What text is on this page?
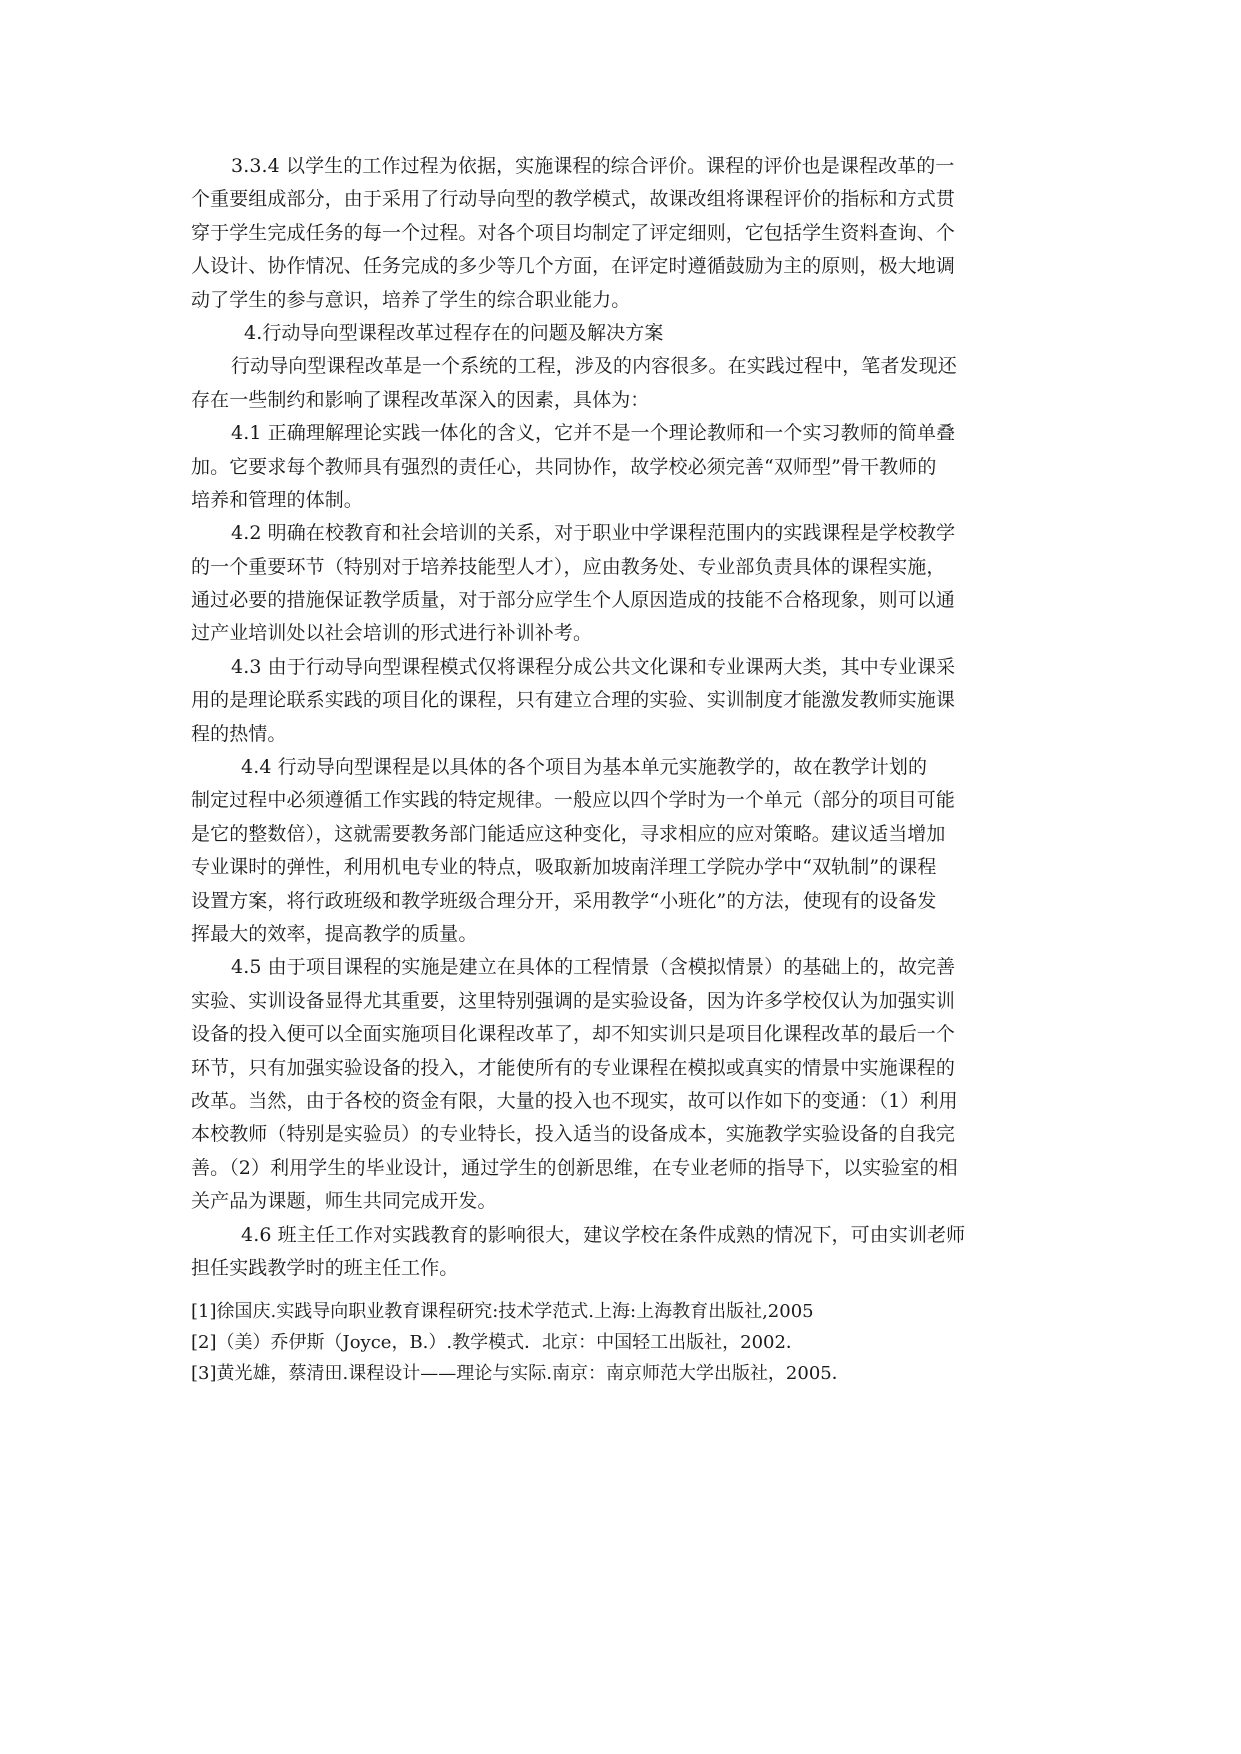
3.3.4 以学生的工作过程为依据，实施课程的综合评价。课程的评价也是课程改革的一
个重要组成部分，由于采用了行动导向型的教学模式，故课改组将课程评价的指标和方式贯
穿于学生完成任务的每一个过程。对各个项目均制定了评定细则，它包括学生资料查询、个
人设计、协作情况、任务完成的多少等几个方面，在评定时遵循鼓励为主的原则，极大地调
动了学生的参与意识，培养了学生的综合职业能力。
4.行动导向型课程改革过程存在的问题及解决方案
行动导向型课程改革是一个系统的工程，涉及的内容很多。在实践过程中，笔者发现还
存在一些制约和影响了课程改革深入的因素，具体为：
4.1 正确理解理论实践一体化的含义，它并不是一个理论教师和一个实习教师的简单叠
加。它要求每个教师具有强烈的责任心，共同协作，故学校必须完善“双师型”骨干教师的
培养和管理的体制。
4.2 明确在校教育和社会培训的关系，对于职业中学课程范围内的实践课程是学校教学
的一个重要环节（特别对于培养技能型人才），应由教务处、专业部负责具体的课程实施，
通过必要的措施保证教学质量，对于部分应学生个人原因造成的技能不合格现象，则可以通
过产业培训处以社会培训的形式进行补训补考。
4.3 由于行动导向型课程模式仅将课程分成公共文化课和专业课两大类，其中专业课采
用的是理论联系实践的项目化的课程，只有建立合理的实验、实训制度才能激发教师实施课
程的热情。
4.4 行动导向型课程是以具体的各个项目为基本单元实施教学的，故在教学计划的
制定过程中必须遵循工作实践的特定规律。一般应以四个学时为一个单元（部分的项目可能
是它的整数倍），这就需要教务部门能适应这种变化，寻求相应的应对策略。建议适当增加
专业课时的弹性，利用机电专业的特点，吸取新加坡南洋理工学院办学中“双轨制”的课程
设置方案，将行政班级和教学班级合理分开，采用教学“小班化”的方法，使现有的设备发
挥最大的效率，提高教学的质量。
4.5 由于项目课程的实施是建立在具体的工程情景（含模拟情景）的基础上的，故完善
实验、实训设备显得尤其重要，这里特别强调的是实验设备，因为许多学校仅认为加强实训
设备的投入便可以全面实施项目化课程改革了，却不知实训只是项目化课程改革的最后一个
环节，只有加强实验设备的投入，才能使所有的专业课程在模拟或真实的情景中实施课程的
改革。当然，由于各校的资金有限，大量的投入也不现实，故可以作如下的变通：（1）利用
本校教师（特别是实验员）的专业特长，投入适当的设备成本，实施教学实验设备的自我完
善。（2）利用学生的毕业设计，通过学生的创新思维，在专业老师的指导下，以实验室的相
关产品为课题，师生共同完成开发。
4.6 班主任工作对实践教育的影响很大，建议学校在条件成熟的情况下，可由实训老师
担任实践教学时的班主任工作。
[1]徐国庆.实践导向职业教育课程研究:技术学范式.上海:上海教育出版社,2005
[2]（美）乔伊斯（Joyce，B.）.教学模式．北京：中国轻工出版社，2002．
[3]黄光雄，蔡清田.课程设计——理论与实际.南京：南京师范大学出版社，2005．
